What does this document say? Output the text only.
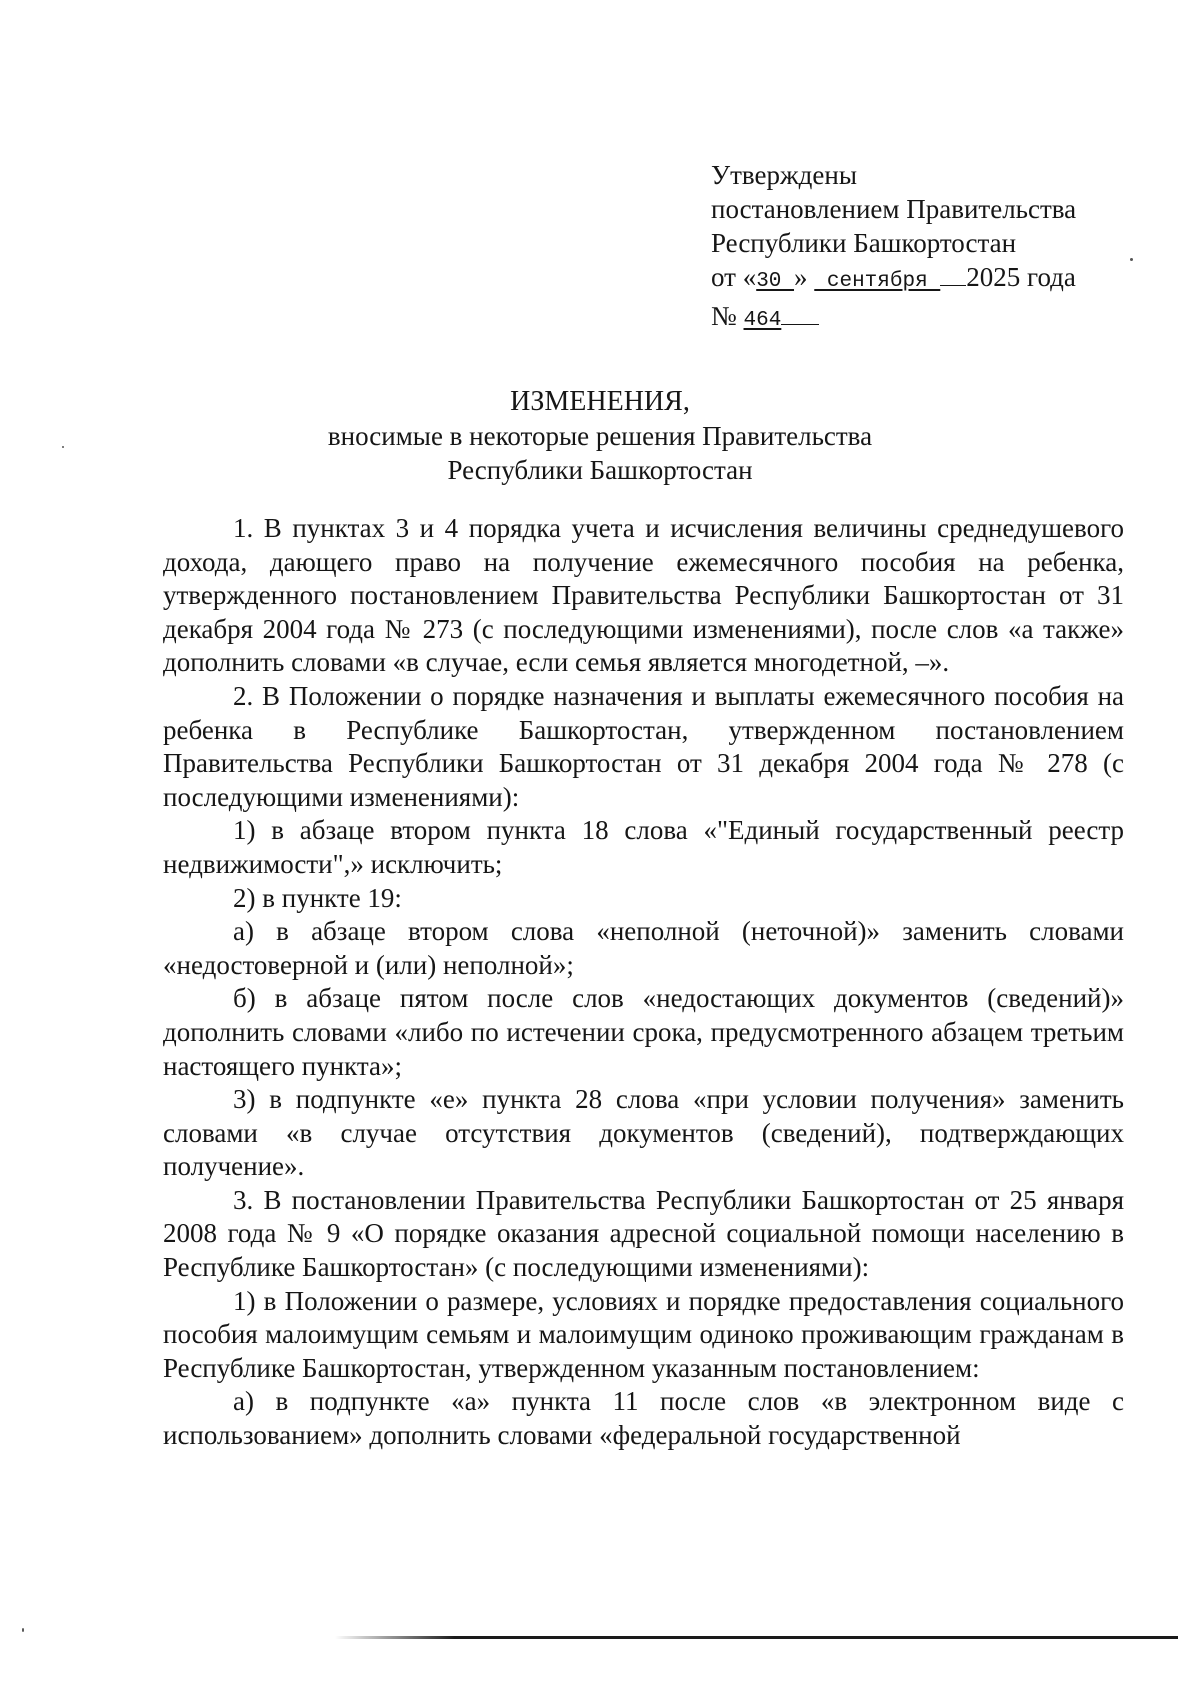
Утверждены
постановлением Правительства
Республики Башкортостан
от «30 »  сентября 2025 года
№ 464
ИЗМЕНЕНИЯ,
вносимые в некоторые решения Правительства
Республики Башкортостан

1. В пунктах 3 и 4 порядка учета и исчисления величины среднедушевого дохода, дающего право на получение ежемесячного пособия на ребенка, утвержденного постановлением Правительства Республики Башкортостан от 31 декабря 2004 года № 273 (с последующими изменениями), после слов «а также» дополнить словами «в случае, если семья является многодетной, –».

2. В Положении о порядке назначения и выплаты ежемесячного пособия на ребенка в Республике Башкортостан, утвержденном постановлением Правительства Республики Башкортостан от 31 декабря 2004 года № 278 (с последующими изменениями):

1) в абзаце втором пункта 18 слова «"Единый государственный реестр недвижимости",» исключить;

2) в пункте 19:

а) в абзаце втором слова «неполной (неточной)» заменить словами «недостоверной и (или) неполной»;

б) в абзаце пятом после слов «недостающих документов (сведений)» дополнить словами «либо по истечении срока, предусмотренного абзацем третьим настоящего пункта»;

3) в подпункте «е» пункта 28 слова «при условии получения» заменить словами «в случае отсутствия документов (сведений), подтверждающих получение».

3. В постановлении Правительства Республики Башкортостан от 25 января 2008 года № 9 «О порядке оказания адресной социальной помощи населению в Республике Башкортостан» (с последующими изменениями):

1) в Положении о размере, условиях и порядке предоставления социального пособия малоимущим семьям и малоимущим одиноко проживающим гражданам в Республике Башкортостан, утвержденном указанным постановлением:

а) в подпункте «а» пункта 11 после слов «в электронном виде с использованием» дополнить словами «федеральной государственной
